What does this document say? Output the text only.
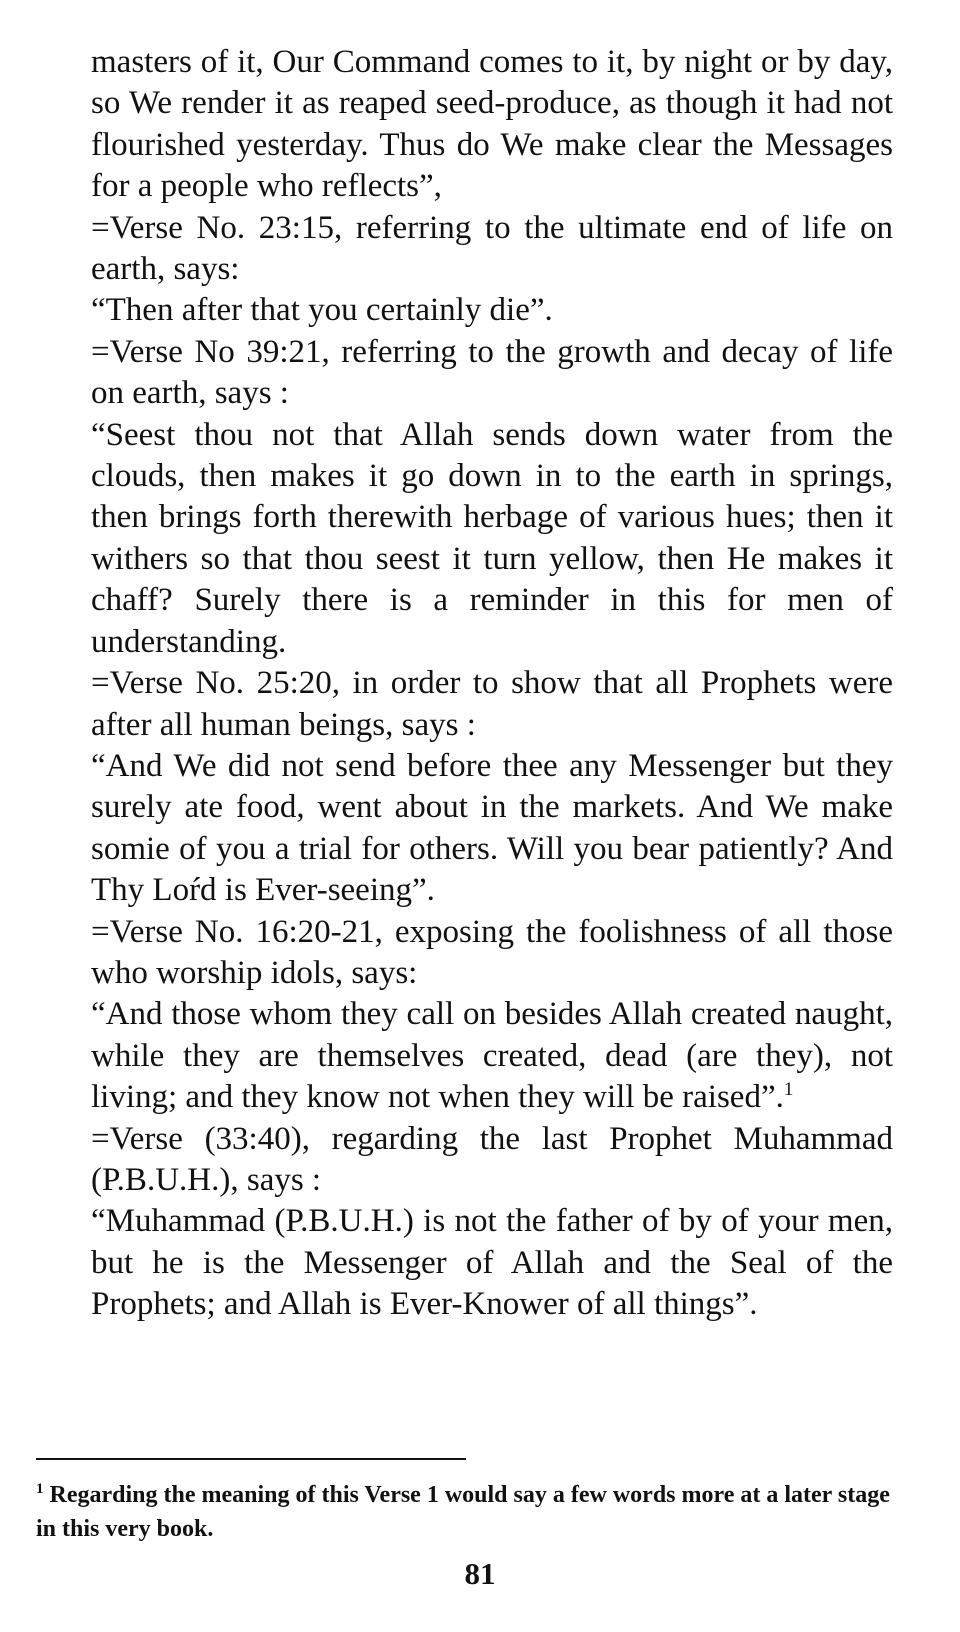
masters of it, Our Command comes to it, by night or by day, so We render it as reaped seed-produce, as though it had not flourished yesterday. Thus do We make clear the Messages for a people who reflects”,

=Verse No. 23:15, referring to the ultimate end of life on earth, says:

“Then after that you certainly die”.

=Verse No 39:21, referring to the growth and decay of life on earth, says :

“Seest thou not that Allah sends down water from the clouds, then makes it go down in to the earth in springs, then brings forth therewith herbage of various hues; then it withers so that thou seest it turn yellow, then He makes it chaff? Surely there is a reminder in this for men of understanding.

=Verse No. 25:20, in order to show that all Prophets were after all human beings, says :

“And We did not send before thee any Messenger but they surely ate food, went about in the markets. And We make somie of you a trial for others. Will you bear patiently? And Thy Loŕd is Ever-seeing”.

=Verse No. 16:20-21, exposing the foolishness of all those who worship idols, says:

“And those whom they call on besides Allah created naught, while they are themselves created, dead (are they), not living; and they know not when they will be raised”.$^1$

=Verse (33:40), regarding the last Prophet Muhammad (P.B.U.H.), says :

“Muhammad (P.B.U.H.) is not the father of by of your men, but he is the Messenger of Allah and the Seal of the Prophets; and Allah is Ever-Knower of all things”.

$^1$ Regarding the meaning of this Verse 1 would say a few words more at a later stage in this very book.
81
